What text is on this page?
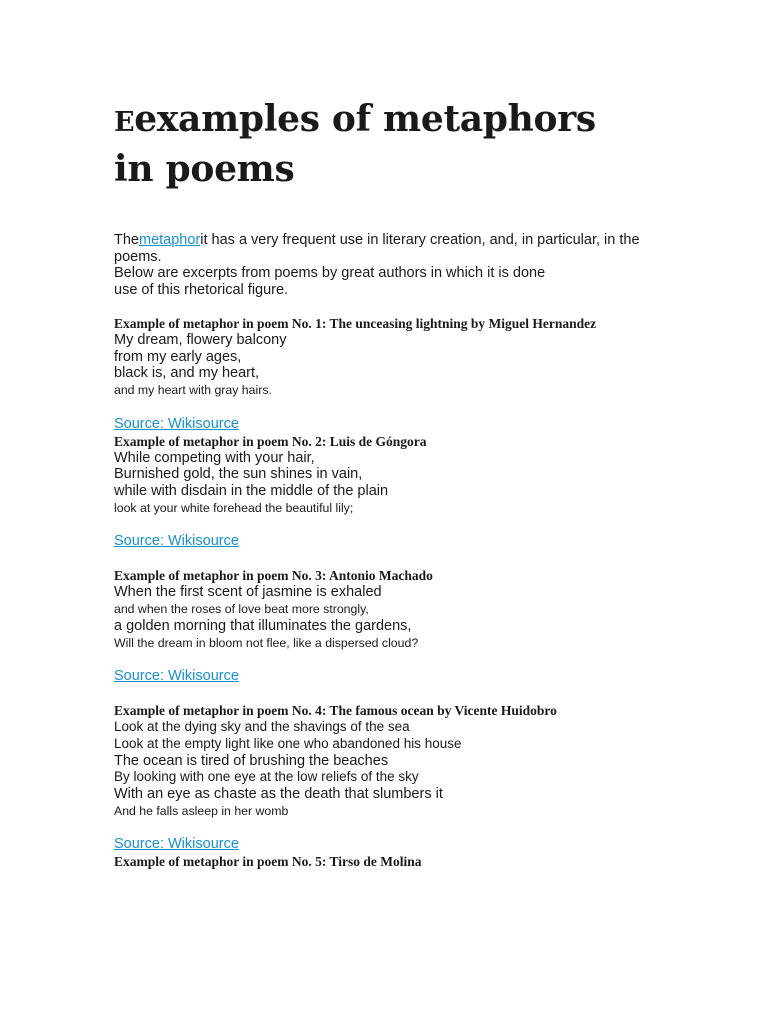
Eexamples of metaphors in poems

Themetaphorit has a very frequent use in literary creation, and, in particular, in the poems.

Below are excerpts from poems by great authors in which it is done

use of this rhetorical figure.

Example of metaphor in poem No. 1: The unceasing lightning by Miguel Hernandez

My dream, flowery balcony

from my early ages,

black is, and my heart,

and my heart with gray hairs.

Source: Wikisource

Example of metaphor in poem No. 2: Luis de Góngora

While competing with your hair,

Burnished gold, the sun shines in vain,

while with disdain in the middle of the plain

look at your white forehead the beautiful lily;

Source: Wikisource

Example of metaphor in poem No. 3: Antonio Machado

When the first scent of jasmine is exhaled

and when the roses of love beat more strongly,

a golden morning that illuminates the gardens,

Will the dream in bloom not flee, like a dispersed cloud?

Source: Wikisource

Example of metaphor in poem No. 4: The famous ocean by Vicente Huidobro

Look at the dying sky and the shavings of the sea

Look at the empty light like one who abandoned his house

The ocean is tired of brushing the beaches

By looking with one eye at the low reliefs of the sky

With an eye as chaste as the death that slumbers it

And he falls asleep in her womb

Source: Wikisource

Example of metaphor in poem No. 5: Tirso de Molina
